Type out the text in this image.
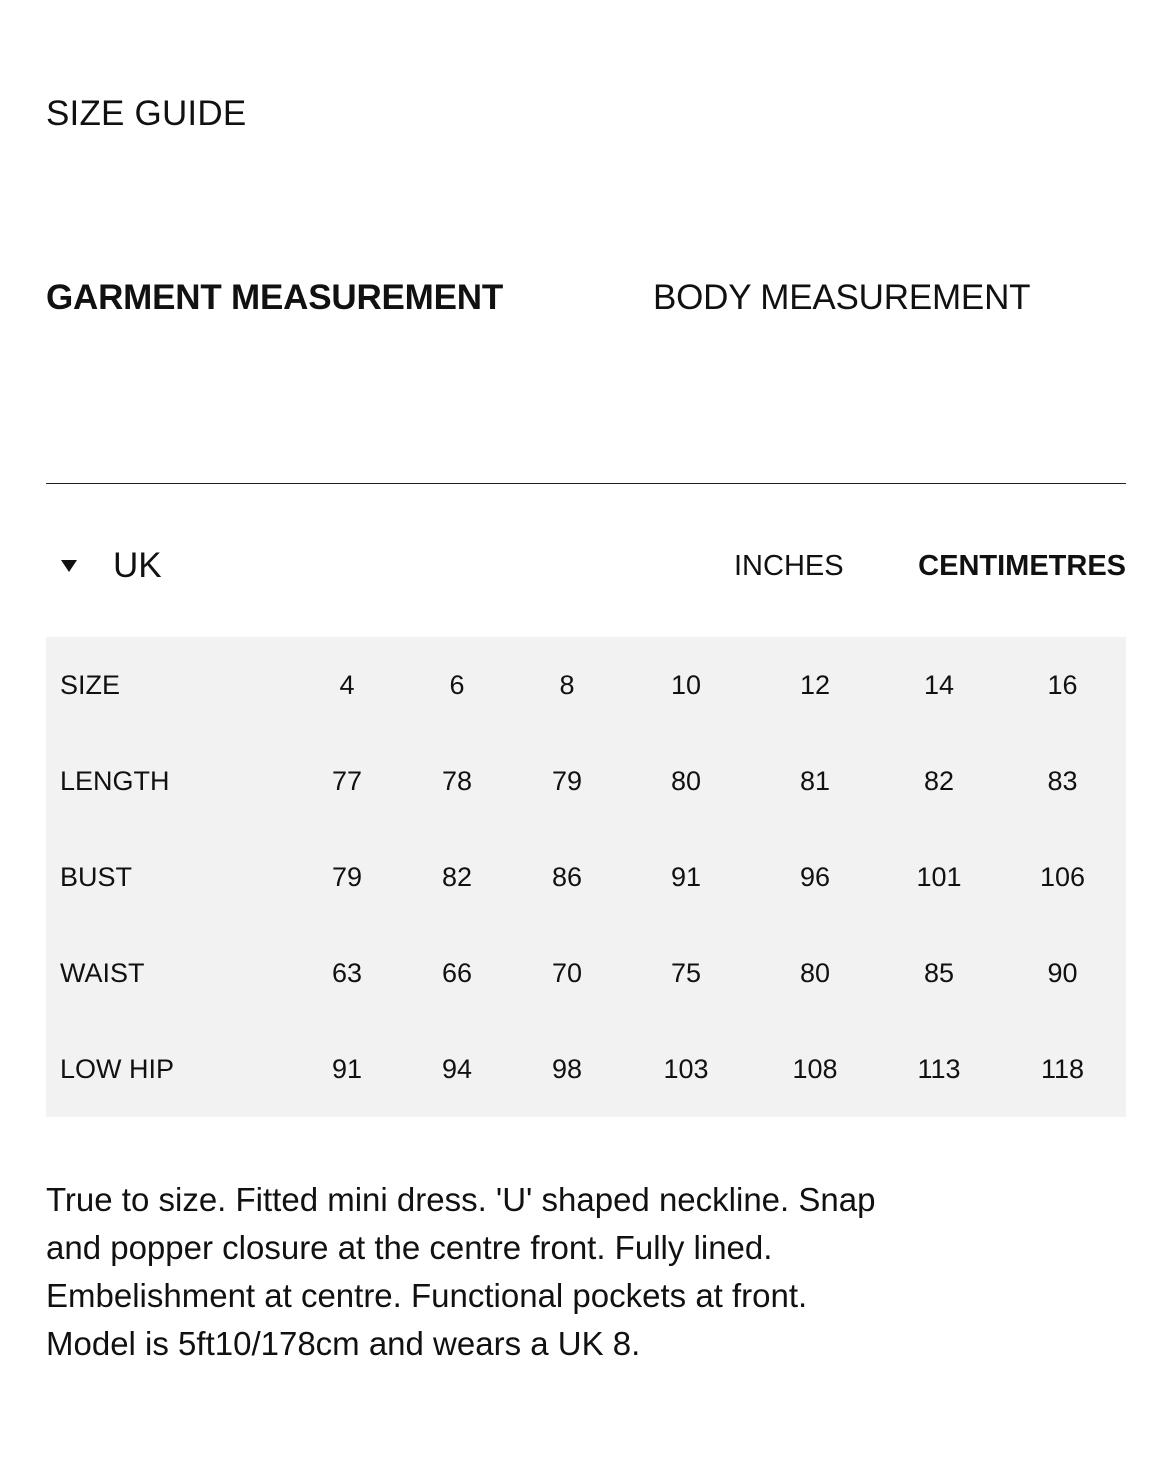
SIZE GUIDE
GARMENT MEASUREMENT	BODY MEASUREMENT
UK	INCHES	CENTIMETRES
SIZE	4	6	8	10	12	14	16
LENGTH	77	78	79	80	81	82	83
BUST	79	82	86	91	96	101	106
WAIST	63	66	70	75	80	85	90
LOW HIP	91	94	98	103	108	113	118

True to size. Fitted mini dress. 'U' shaped neckline. Snap

and popper closure at the centre front. Fully lined.

Embelishment at centre. Functional pockets at front.

Model is 5ft10/178cm and wears a UK 8.
